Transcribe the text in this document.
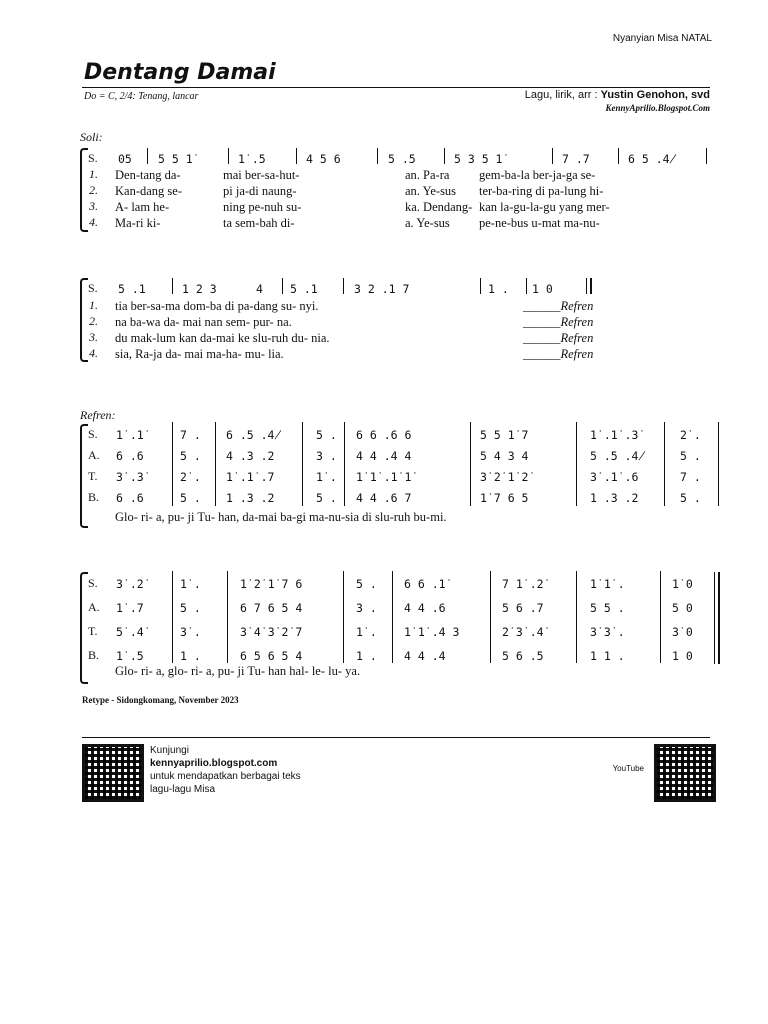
Nyanyian Misa NATAL
Dentang Damai
Do = C, 2/4: Tenang, lancar	Lagu, lirik, arr : Yustin Genohon, svd
KennyAprilio.Blogspot.Com
Soli:
S. 05 5 5 1̇	1̇ .5	4 5 6	5 .5	5 3 5 1̇	7 .7	6 5 .4̸
1. Den-tang da-	mai ber-sa-hut-	an. Pa-ra gem-ba-la ber-ja-ga se-
2. Kan-dang se-	pi ja-di naung-	an. Ye-sus ter-ba-ring di pa-lung hi-
3. A- lam he-	ning pe-nuh su-	ka. Dendang- kan la-gu-la-gu yang mer-
4. Ma-ri ki-	ta sem-bah di-	a. Ye-sus pe-ne-bus u-mat ma-nu-
S. 5 .1	1 2 3	4 5 .1	3 2 .1 7	1 . 1 0
1. tia ber-sa-ma dom-ba di pa-dang su- nyi.	______Refren
2. na ba-wa da- mai nan sem- pur- na.	______Refren
3. du mak-lum kan da-mai ke slu-ruh du- nia.	______Refren
4. sia, Ra-ja da- mai ma-ha- mu- lia.	______Refren
Refren:
S. 1̇ .1̇	7 . 6 .5 .4̸	5 . 6 6 .6 6	5 5 1̇ 7	1̇ .1̇ .3̇	2̇ .
A. 6 .6	5 . 4 .3 .2	3 . 4 4 .4 4	5 4 3 4	5 .5 .4̸	5 .
T. 3̇ .3̇	2̇ . 1̇ .1̇ .7	1̇ . 1̇ 1̇ .1̇ 1̇	3̇ 2̇ 1̇ 2̇	3̇ .1̇ .6	7 .
B. 6 .6	5 . 1 .3 .2	5 . 4 4 .6 7	1̇ 7 6 5	1 .3 .2	5 .
Glo- ri- a, pu- ji Tu- han, da-mai ba-gi ma-nu-sia di slu-ruh bu-mi.
S. 3̇ .2̇	1̇ .	1̇ 2̇ 1̇ 7 6	5 . 6 6 .1̇	7 1̇ .2̇	1̇ 1̇ .	1̇ 0
A. 1̇ .7	5 .	6 7 6 5 4	3 . 4 4 .6	5 6 .7	5 5 .	5 0
T. 5̇ .4̇	3̇ .	3̇ 4̇ 3̇ 2̇ 7	1̇ . 1̇ 1̇ .4 3	2̇ 3̇ .4̇	3̇ 3̇ .	3̇ 0
B. 1̇ .5	1 .	6 5 6 5 4	1 . 4 4 .4	5 6 .5	1 1 .	1 0
Glo- ri- a, glo- ri- a, pu- ji Tu- han hal- le- lu- ya.
Retype - Sidongkomang, November 2023
Kunjungi
kennyaprilio.blogspot.com
untuk mendapatkan berbagai teks
lagu-lagu Misa
YouTube
